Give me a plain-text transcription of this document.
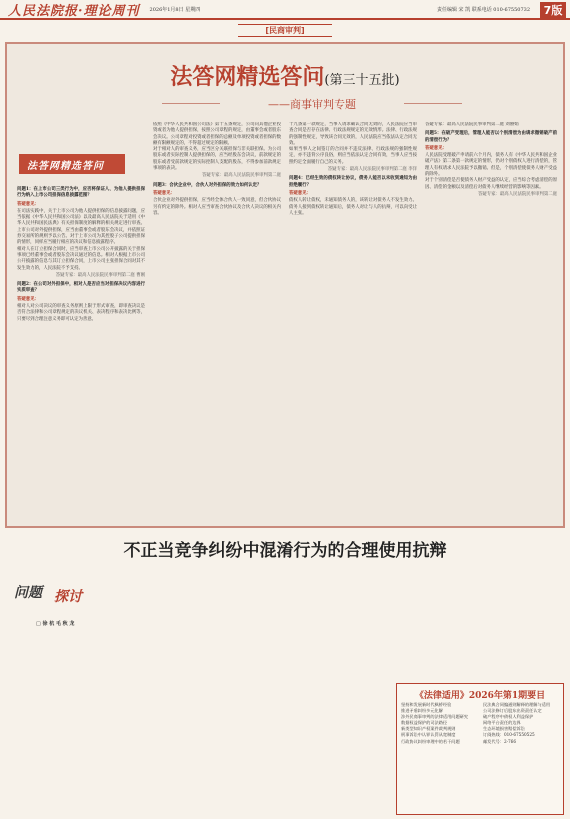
人民法院报·理论周刊 2026年1月8日 星期四	责任编辑 宋 凯 联系电话 010-67550732	7版
[民商审判]
法答网精选答问(第三十五批)
——商事审判专题
法答网精选答问
问题1：在上市公司三类行为中，应否将保证人、为他人提供担保行为纳入上市公司担保信息披露范围？
答疑意见：
在司法实践中，关于上市公司为他人提供担保的信息披露问题，应当依据《中华人民共和国公司法》以及最高人民法院关于适用《中华人民共和国民法典》有关担保制度的解释的相关规定进行审查。上市公司对外提供担保，应当由董事会或者股东会决议，并依照证券交易所的规则予以公告。对于上市公司为其控股子公司提供担保的情形，同样应当履行相应的决议和信息披露程序。
相对人在订立担保合同时，应当审查上市公司公开披露的关于担保事项已经董事会或者股东会决议通过的信息。相对人根据上市公司公开披露的信息与其订立担保合同，上市公司主张担保合同对其不发生效力的，人民法院不予支持。
答疑专家：最高人民法院民事审判第二庭 曹刚
问题2：在公司对外担保中，相对人是否应当对担保决议内容进行实质审查？
答疑意见：
相对人对公司决议的审查义务原则上限于形式审查，即审查决议是否符合法律和公司章程规定的决议机关、表决程序和表决比例等，只要尽到合理注意义务即可认定为善意。
依照《中华人民共和国公司法》第十五条规定，公司向其他企业投资或者为他人提供担保，按照公司章程的规定，由董事会或者股东会决议。公司章程对投资或者担保的总额及单项投资或者担保的数额有限额规定的，不得超过规定的限额。
对于相对人的审查义务，应当区分关联担保与非关联担保。为公司股东或者实际控制人提供担保的，应当经股东会决议，前款规定的股东或者受前款规定的实际控制人支配的股东，不得参加前款规定事项的表决。
答疑专家：最高人民法院民事审判第二庭
问题3：合伙企业中，合伙人对外担保的效力如何认定？
答疑意见：
合伙企业对外提供担保，应当经全体合伙人一致同意，但合伙协议另有约定的除外。相对人应当审查合伙协议及合伙人决议的相关内容。
十九条第一款规定，当事人请求确认合同无效的，人民法院应当审查合同是否存在法律、行政法规规定的无效情形。法律、行政法规的强制性规定，导致该合同无效的，人民法院应当依法认定合同无效。
如果当事人之间签订的合同并不违反法律、行政法规的强制性规定，亦不违背公序良俗，则应当依法认定合同有效，当事人应当按照约定全面履行自己的义务。
答疑专家：最高人民法院民事审判第二庭 李洋
问题4：已经生效的债权转让协议，债务人能否以未收到通知为由拒绝履行？
答疑意见：
债权人转让债权，未通知债务人的，该转让对债务人不发生效力。债务人接到债权转让通知后，债务人对让与人的抗辩，可以向受让人主张。
答疑专家：最高人民法院民事审判第二庭 刘丽娟
问题5：在破产受理后，管理人能否以个别清偿为由请求撤销破产前的清偿行为？
答疑意见：
人民法院受理破产申请前六个月内，债务人有《中华人民共和国企业破产法》第二条第一款规定的情形，仍对个别债权人进行清偿的，管理人有权请求人民法院予以撤销。但是，个别清偿使债务人财产受益的除外。
对于个别清偿是否使债务人财产受益的认定，应当综合考虑清偿的原因、清偿的金额以及清偿后对债务人继续经营的影响等因素。
答疑专家：最高人民法院民事审判第二庭
不正当竞争纠纷中混淆行为的合理使用抗辩
问题 探讨
□ 徐 杭 毛 秋 龙
《法律适用》2026年第1期要目
坚持和发展新时代枫桥经验
推进矛盾纠纷多元化解
涉外民商事审判的法律适用问题研究
数据权益保护的司法路径
新类型知识产权案件裁判规则
刑事诉讼中认罪认罚从宽制度
行政协议纠纷审理中的若干问题
民法典合同编通则解释的理解与适用
公司法修订后股东出资责任认定
破产程序中债权人利益保护
网络平台责任的边界
生态环境损害赔偿诉讼
订阅热线：010-67550525
邮发代号：2-766
